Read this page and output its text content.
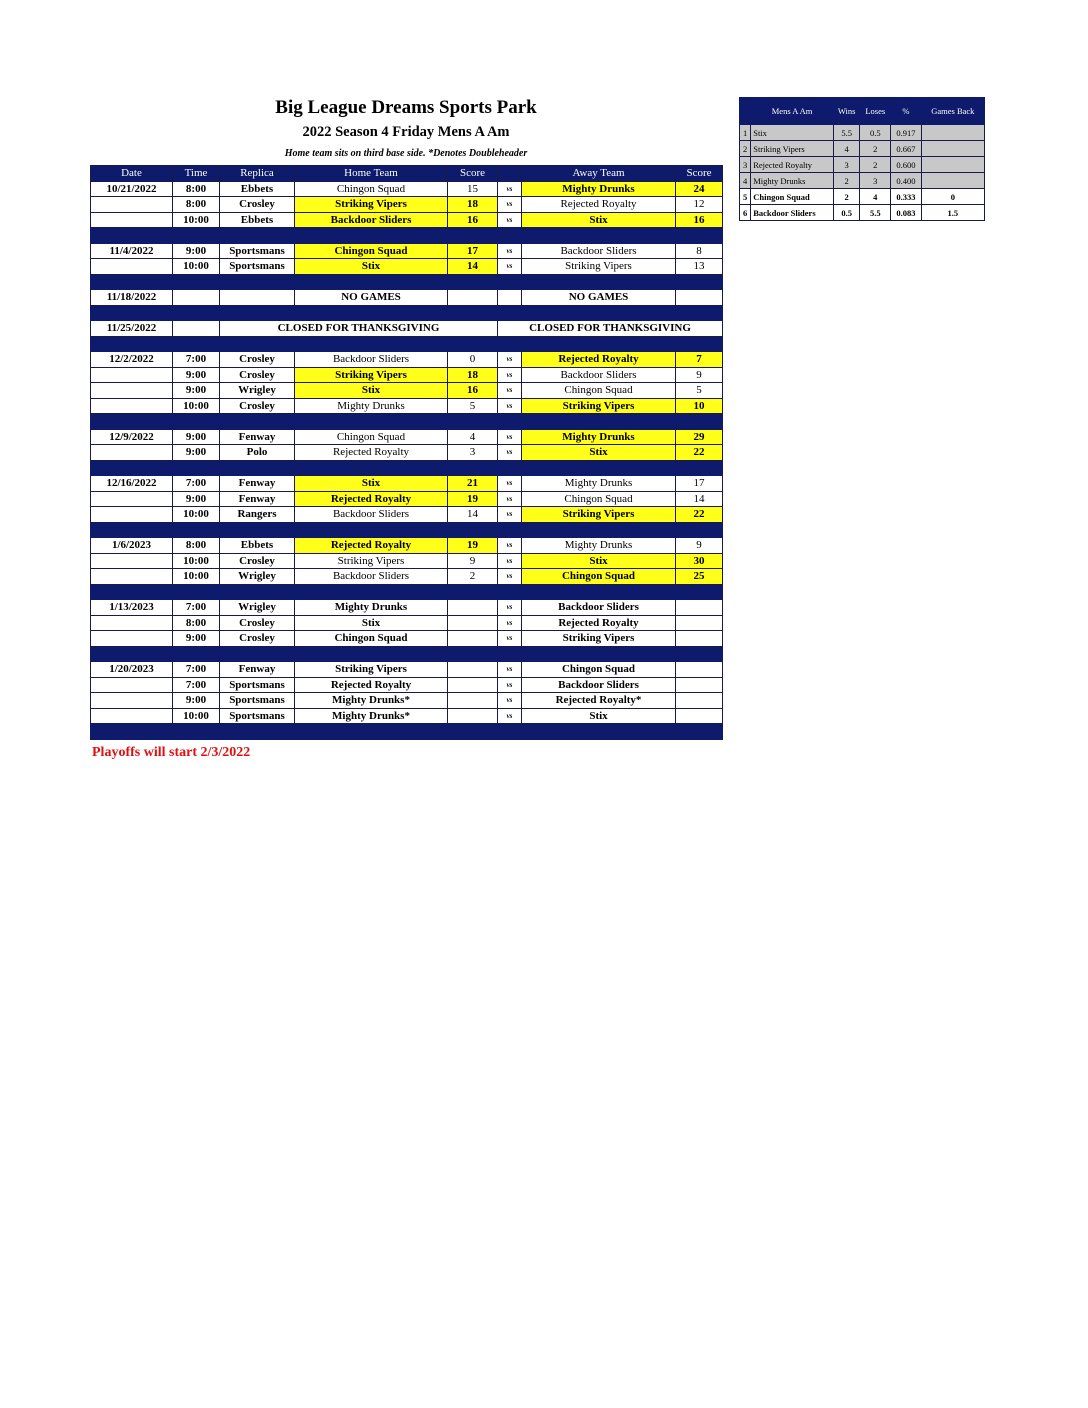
Big League Dreams Sports Park
2022 Season 4 Friday Mens A Am
Home team sits on third base side. *Denotes Doubleheader
Date	Time	Replica	Home Team	Score		Away Team	Score
10/21/2022	8:00	Ebbets	Chingon Squad	15	vs	Mighty Drunks	24
	8:00	Crosley	Striking Vipers	18	vs	Rejected Royalty	12
	10:00	Ebbets	Backdoor Sliders	16	vs	Stix	16

11/4/2022	9:00	Sportsmans	Chingon Squad	17	vs	Backdoor Sliders	8
	10:00	Sportsmans	Stix	14	vs	Striking Vipers	13

11/18/2022			NO GAMES			NO GAMES	

11/25/2022		CLOSED FOR THANKSGIVING			CLOSED FOR THANKSGIVING		

12/2/2022	7:00	Crosley	Backdoor Sliders	0	vs	Rejected Royalty	7
	9:00	Crosley	Striking Vipers	18	vs	Backdoor Sliders	9
	9:00	Wrigley	Stix	16	vs	Chingon Squad	5
	10:00	Crosley	Mighty Drunks	5	vs	Striking Vipers	10

12/9/2022	9:00	Fenway	Chingon Squad	4	vs	Mighty Drunks	29
	9:00	Polo	Rejected Royalty	3	vs	Stix	22

12/16/2022	7:00	Fenway	Stix	21	vs	Mighty Drunks	17
	9:00	Fenway	Rejected Royalty	19	vs	Chingon Squad	14
	10:00	Rangers	Backdoor Sliders	14	vs	Striking Vipers	22

1/6/2023	8:00	Ebbets	Rejected Royalty	19	vs	Mighty Drunks	9
	10:00	Crosley	Striking Vipers	9	vs	Stix	30
	10:00	Wrigley	Backdoor Sliders	2	vs	Chingon Squad	25

1/13/2023	7:00	Wrigley	Mighty Drunks		vs	Backdoor Sliders	
	8:00	Crosley	Stix		vs	Rejected Royalty	
	9:00	Crosley	Chingon Squad		vs	Striking Vipers	

1/20/2023	7:00	Fenway	Striking Vipers		vs	Chingon Squad	
	7:00	Sportsmans	Rejected Royalty		vs	Backdoor Sliders	
	9:00	Sportsmans	Mighty Drunks*		vs	Rejected Royalty*	
	10:00	Sportsmans	Mighty Drunks*		vs	Stix	

	Mens A Am	Wins	Loses	%	Games Back
1	Stix	5.5	0.5	0.917	
2	Striking Vipers	4	2	0.667	
3	Rejected Royalty	3	2	0.600	
4	Mighty Drunks	2	3	0.400	
5	Chingon Squad	2	4	0.333	0
6	Backdoor Sliders	0.5	5.5	0.083	1.5
Playoffs will start 2/3/2022
